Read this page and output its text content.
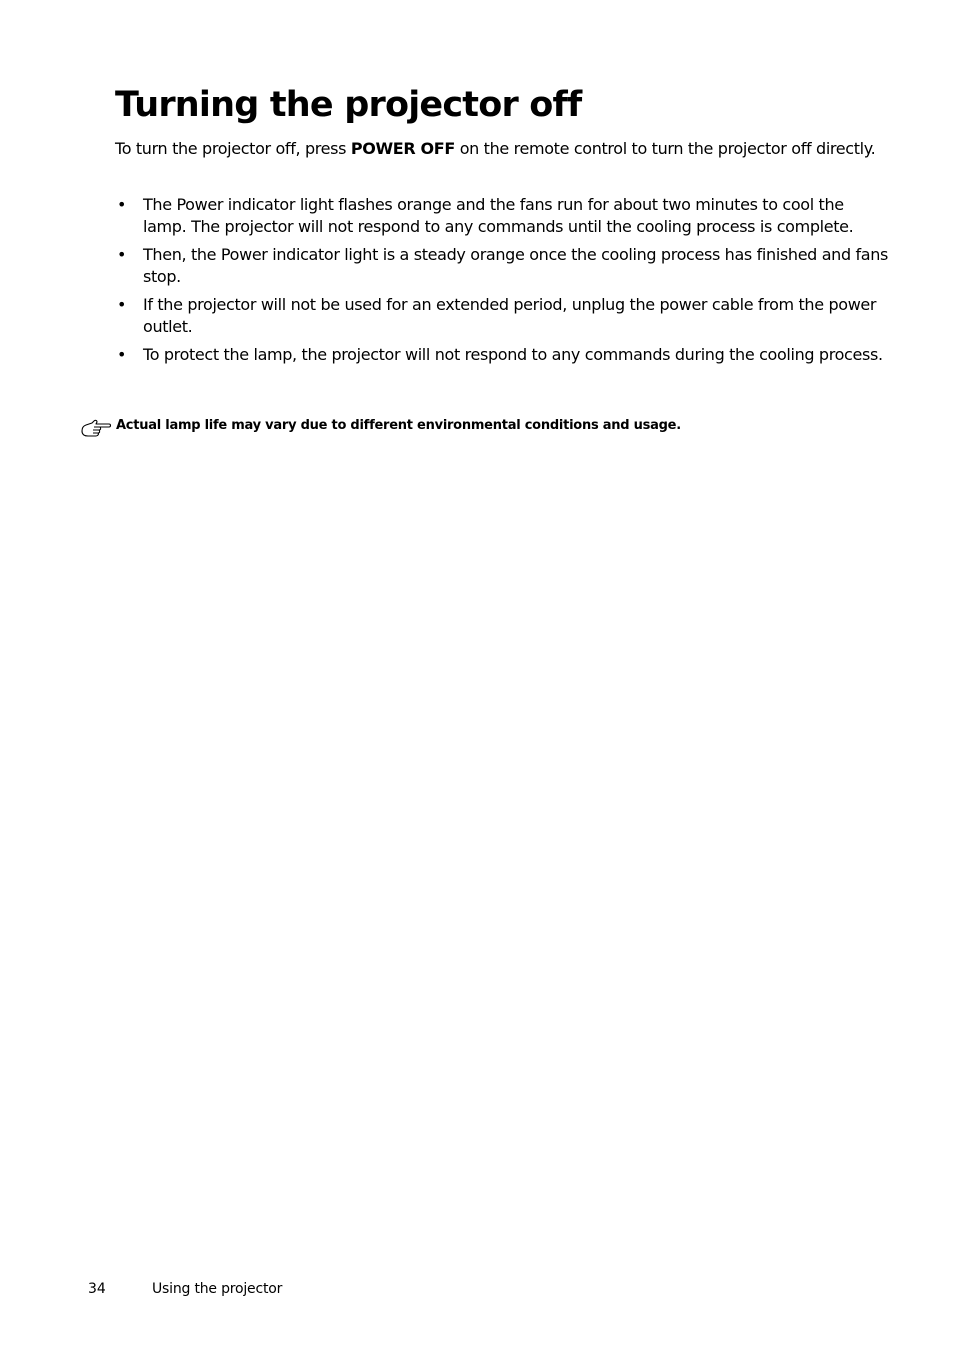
Turning the projector off

To turn the projector off, press POWER OFF on the remote control to turn the projector off directly.

• The Power indicator light flashes orange and the fans run for about two minutes to cool the lamp. The projector will not respond to any commands until the cooling process is complete.
• Then, the Power indicator light is a steady orange once the cooling process has finished and fans stop.
• If the projector will not be used for an extended period, unplug the power cable from the power outlet.
• To protect the lamp, the projector will not respond to any commands during the cooling process.
Actual lamp life may vary due to different environmental conditions and usage.
34	Using the projector
